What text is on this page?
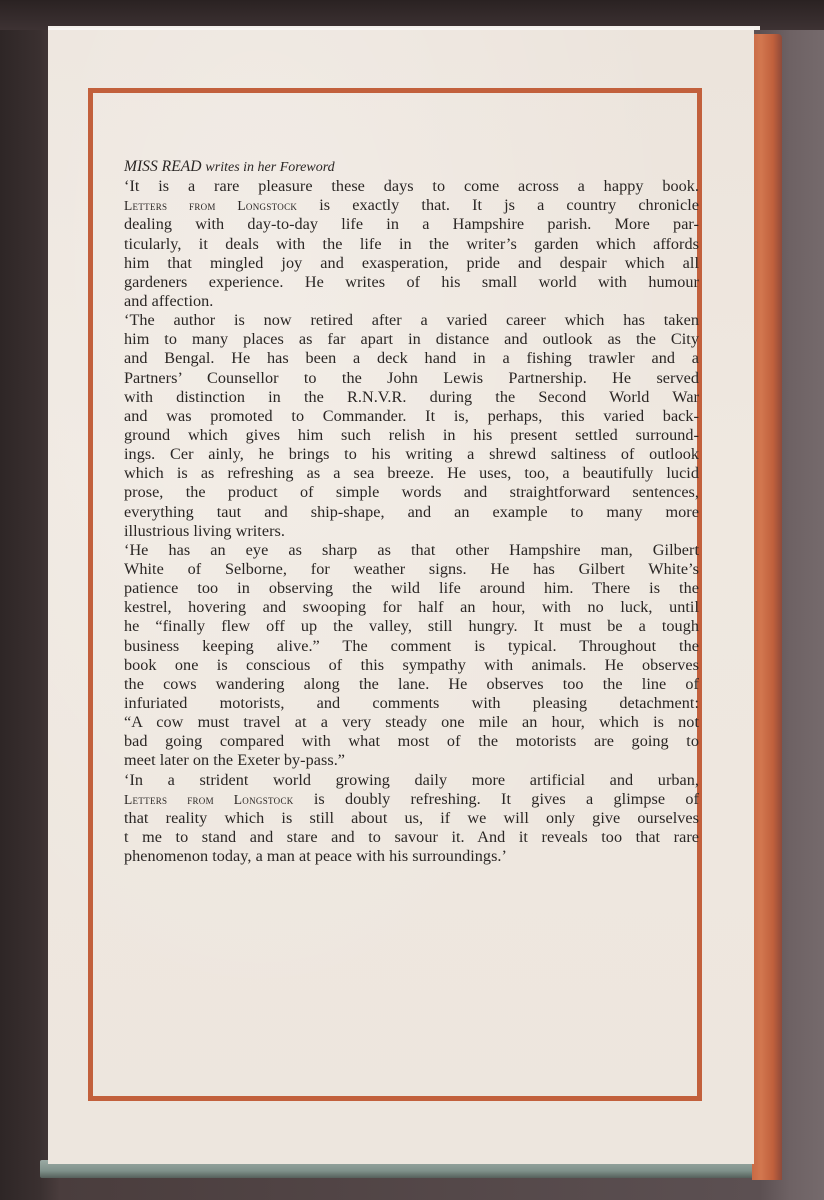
MISS READ writes in her Foreword

‘It is a rare pleasure these days to come across a happy book.
Letters from Longstock is exactly that. It js a country chronicle
dealing with day-to-day life in a Hampshire parish. More par-
ticularly, it deals with the life in the writer’s garden which affords
him that mingled joy and exasperation, pride and despair which all
gardeners experience. He writes of his small world with humour
and affection.

‘The author is now retired after a varied career which has taken
him to many places as far apart in distance and outlook as the City
and Bengal. He has been a deck hand in a fishing trawler and a
Partners’ Counsellor to the John Lewis Partnership. He served
with distinction in the R.N.V.R. during the Second World War
and was promoted to Commander. It is, perhaps, this varied back-
ground which gives him such relish in his present settled surround-
ings. Cer ainly, he brings to his writing a shrewd saltiness of outlook
which is as refreshing as a sea breeze. He uses, too, a beautifully lucid
prose, the product of simple words and straightforward sentences,
everything taut and ship-shape, and an example to many more
illustrious living writers.

‘He has an eye as sharp as that other Hampshire man, Gilbert
White of Selborne, for weather signs. He has Gilbert White’s
patience too in observing the wild life around him. There is the
kestrel, hovering and swooping for half an hour, with no luck, until
he “finally flew off up the valley, still hungry. It must be a tough
business keeping alive.” The comment is typical. Throughout the
book one is conscious of this sympathy with animals. He observes
the cows wandering along the lane. He observes too the line of
infuriated motorists, and comments with pleasing detachment:
“A cow must travel at a very steady one mile an hour, which is not
bad going compared with what most of the motorists are going to
meet later on the Exeter by-pass.”

‘In a strident world growing daily more artificial and urban,
Letters from Longstock is doubly refreshing. It gives a glimpse of
that reality which is still about us, if we will only give ourselves
t me to stand and stare and to savour it. And it reveals too that rare
phenomenon today, a man at peace with his surroundings.’
